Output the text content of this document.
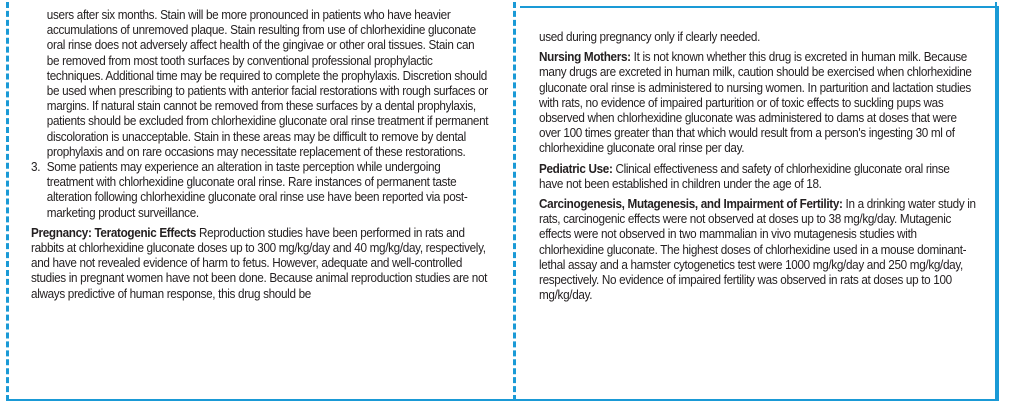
users after six months. Stain will be more pronounced in patients who have heavier accumulations of unremoved plaque. Stain resulting from use of chlorhexidine gluconate oral rinse does not adversely affect health of the gingivae or other oral tissues. Stain can be removed from most tooth surfaces by conventional professional prophylactic techniques. Additional time may be required to complete the prophylaxis. Discretion should be used when prescribing to patients with anterior facial restorations with rough surfaces or margins. If natural stain cannot be removed from these surfaces by a dental prophylaxis, patients should be excluded from chlorhexidine gluconate oral rinse treatment if permanent discoloration is unacceptable. Stain in these areas may be difficult to remove by dental prophylaxis and on rare occasions may necessitate replacement of these restorations.

3. Some patients may experience an alteration in taste perception while undergoing treatment with chlorhexidine gluconate oral rinse. Rare instances of permanent taste alteration following chlorhexidine gluconate oral rinse use have been reported via post-marketing product surveillance.

Pregnancy: Teratogenic Effects Reproduction studies have been performed in rats and rabbits at chlorhexidine gluconate doses up to 300 mg/kg/day and 40 mg/kg/day, respectively, and have not revealed evidence of harm to fetus. However, adequate and well-controlled studies in pregnant women have not been done. Because animal reproduction studies are not always predictive of human response, this drug should be

used during pregnancy only if clearly needed.

Nursing Mothers: It is not known whether this drug is excreted in human milk. Because many drugs are excreted in human milk, caution should be exercised when chlorhexidine gluconate oral rinse is administered to nursing women. In parturition and lactation studies with rats, no evidence of impaired parturition or of toxic effects to suckling pups was observed when chlorhexidine gluconate was administered to dams at doses that were over 100 times greater than that which would result from a person's ingesting 30 ml of chlorhexidine gluconate oral rinse per day.

Pediatric Use: Clinical effectiveness and safety of chlorhexidine gluconate oral rinse have not been established in children under the age of 18.

Carcinogenesis, Mutagenesis, and Impairment of Fertility: In a drinking water study in rats, carcinogenic effects were not observed at doses up to 38 mg/kg/day. Mutagenic effects were not observed in two mammalian in vivo mutagenesis studies with chlorhexidine gluconate. The highest doses of chlorhexidine used in a mouse dominant-lethal assay and a hamster cytogenetics test were 1000 mg/kg/day and 250 mg/kg/day, respectively. No evidence of impaired fertility was observed in rats at doses up to 100 mg/kg/day.
